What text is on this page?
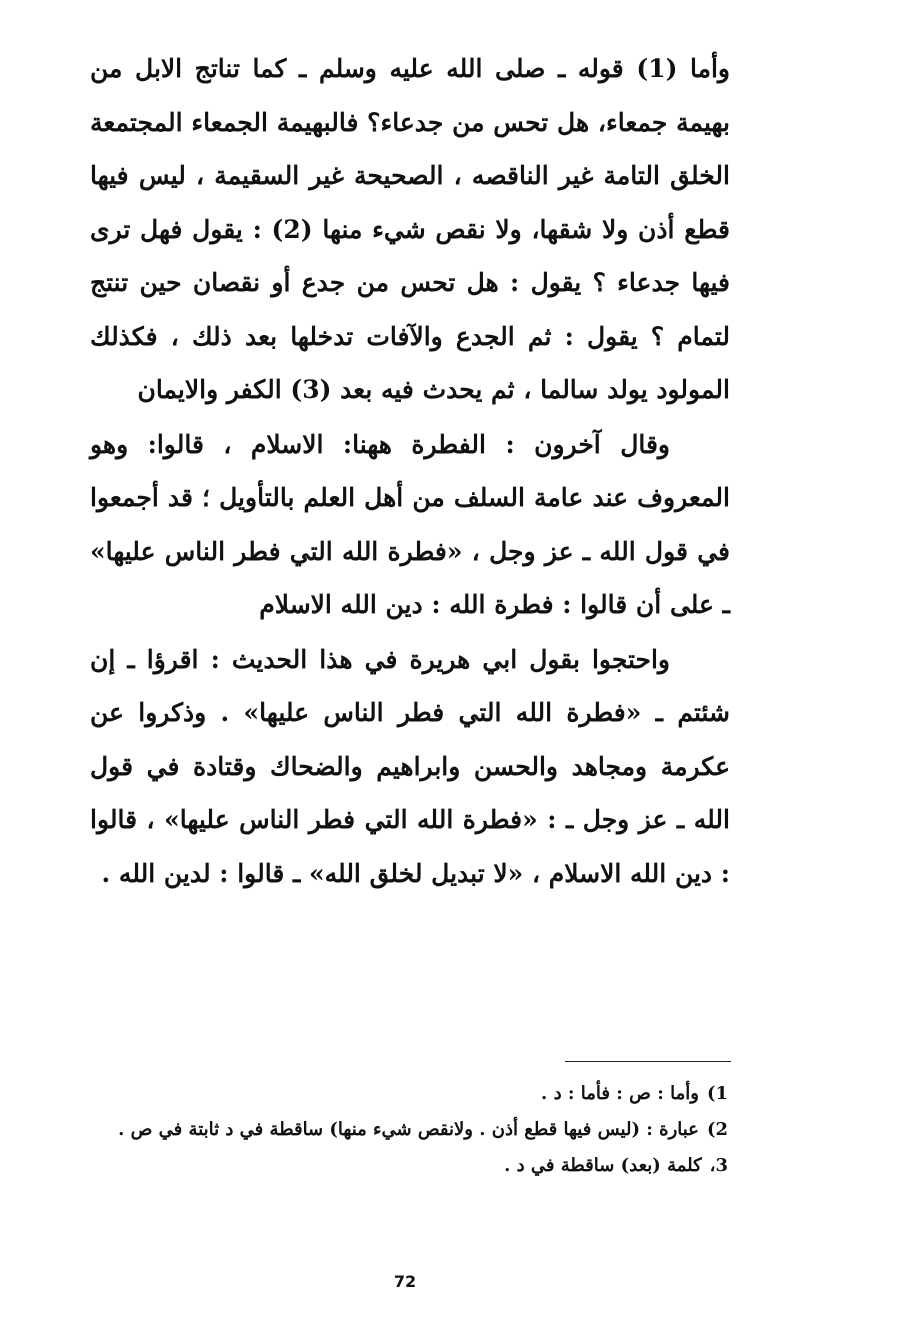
وأما (1) قوله ـ صلى الله عليه وسلم ـ كما تناتج الابل من بهيمة جمعاء، هل تحس من جدعاء؟ فالبهيمة الجمعاء المجتمعة الخلق التامة غير الناقصه ، الصحيحة غير السقيمة ، ليس فيها قطع أذن ولا شقها، ولا نقص شيء منها (2) : يقول فهل ترى فيها جدعاء ؟ يقول : هل تحس من جدع أو نقصان حين تنتج لتمام ؟ يقول : ثم الجدع والآفات تدخلها بعد ذلك ، فكذلك المولود يولد سالما ، ثم يحدث فيه بعد (3) الكفر والايمان

وقال آخرون : الفطرة ههنا: الاسلام ، قالوا: وهو المعروف عند عامة السلف من أهل العلم بالتأويل ؛ قد أجمعوا في قول الله ـ عز وجل ، «فطرة الله التي فطر الناس عليها» ـ على أن قالوا : فطرة الله : دين الله الاسلام

واحتجوا بقول ابي هريرة في هذا الحديث : اقرؤا ـ إن شئتم ـ «فطرة الله التي فطر الناس عليها» . وذكروا عن عكرمة ومجاهد والحسن وابراهيم والضحاك وقتادة في قول الله ـ عز وجل ـ : «فطرة الله التي فطر الناس عليها» ، قالوا : دين الله الاسلام ، «لا تبديل لخلق الله» ـ قالوا : لدين الله .

1)وأما : ص : فأما : د .

2)عبارة : (ليس فيها قطع أذن . ولانقص شيء منها) ساقطة في د ثابتة في ص .

3،كلمة (بعد) ساقطة في د .

72
